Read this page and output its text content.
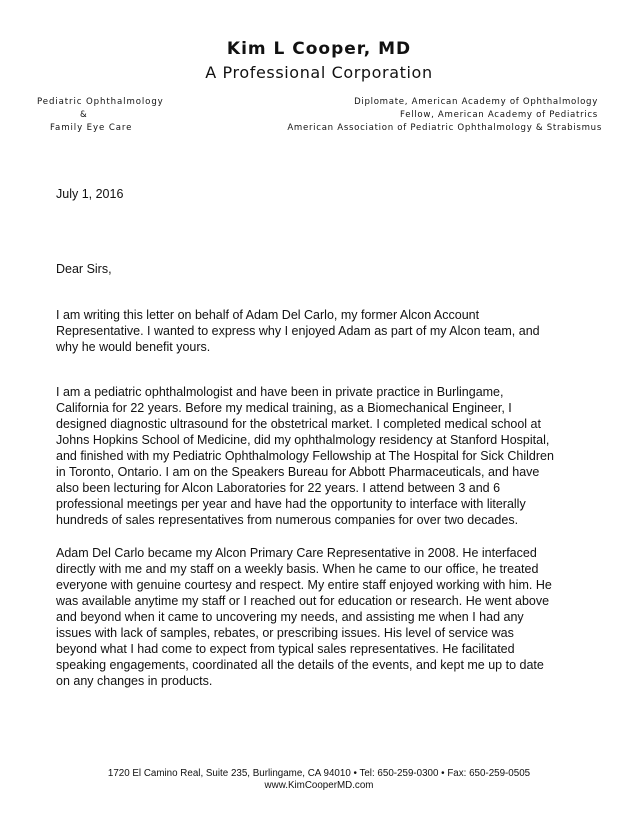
Kim L Cooper, MD
A Professional Corporation
Pediatric Ophthalmology
&
Family Eye Care
Diplomate, American Academy of Ophthalmology
Fellow, American Academy of Pediatrics
American Association of Pediatric Ophthalmology & Strabismus
July 1, 2016
Dear Sirs,
I am writing this letter on behalf of Adam Del Carlo, my former Alcon Account
Representative. I wanted to express why I enjoyed Adam as part of my Alcon team, and
why he would benefit yours.
I am a pediatric ophthalmologist and have been in private practice in Burlingame,
California for 22 years. Before my medical training, as a Biomechanical Engineer, I
designed diagnostic ultrasound for the obstetrical market. I completed medical school at
Johns Hopkins School of Medicine, did my ophthalmology residency at Stanford Hospital,
and finished with my Pediatric Ophthalmology Fellowship at The Hospital for Sick Children
in Toronto, Ontario. I am on the Speakers Bureau for Abbott Pharmaceuticals, and have
also been lecturing for Alcon Laboratories for 22 years. I attend between 3 and 6
professional meetings per year and have had the opportunity to interface with literally
hundreds of sales representatives from numerous companies for over two decades.
Adam Del Carlo became my Alcon Primary Care Representative in 2008. He interfaced
directly with me and my staff on a weekly basis. When he came to our office, he treated
everyone with genuine courtesy and respect. My entire staff enjoyed working with him. He
was available anytime my staff or I reached out for education or research. He went above
and beyond when it came to uncovering my needs, and assisting me when I had any
issues with lack of samples, rebates, or prescribing issues. His level of service was
beyond what I had come to expect from typical sales representatives. He facilitated
speaking engagements, coordinated all the details of the events, and kept me up to date
on any changes in products.
1720 El Camino Real, Suite 235, Burlingame, CA 94010 • Tel: 650-259-0300 • Fax: 650-259-0505
www.KimCooperMD.com
